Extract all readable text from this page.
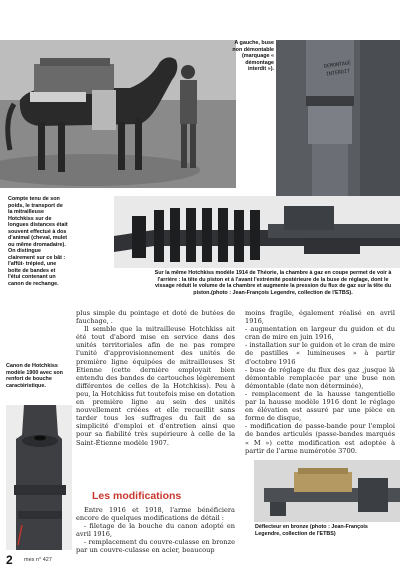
DEMONTAGE
INTERDIT
A gauche, buse non démontable (marquage « démontage interdit »).
Compte tenu de son poids, le transport de la mitrailleuse Hotchkiss sur de longues distances était souvent effectué à dos d'animal (cheval, mulet ou même dromadaire). On distingue clairement sur ce bât : l'affût- trépied, une boîte de bandes et l'étui contenant un canon de rechange.
Sur la même Hotchkiss modèle 1914 de Théorie, la chambre à gaz en coupe permet de voir à l'arrière : la tête du piston et à l'avant l'extrémité postérieure de la buse de réglage, dont le vissage réduit le volume de la chambre et augmente la pression du flux de gaz sur la tête du piston.(photo : Jean-François Legendre, collection de l'ETBS).

plus simple du pointage et doté de butées de fauchage, .

Il semble que la mitrailleuse Hotchkiss ait été tout d'abord mise en service dans des unités territoriales afin de ne pas rompre l'unité d'approvisionnement des unités de première ligne équipées de mitrailleuses St Etienne (cette dernière employait bien entendu des bandes de cartouches légèrement différentes de celles de la Hotchkiss). Peu à peu, la Hotchkiss fut toutefois mise en dotation en première ligne au sein des unités nouvellement créées et elle recueillit sans tarder tous les suffrages du fait de sa simplicité d'emploi et d'entretien ainsi que pour sa fiabilité très supérieure à celle de la Saint-Étienne modèle 1907.

Les modifications

Entre 1916 et 1918, l'arme bénéficiera encore de quelques modifications de détail :

- filetage de la bouche du canon adopté en avril 1916,

- remplacement du couvre-culasse en bronze par un couvre-culasse en acier, beaucoup

moins fragile, également réalisé en avril 1916,

- augmentation en largeur du guidon et du cran de mire en juin 1916,

- installation sur le guidon et le cran de mire de pastilles « lumineuses » à partir d'octobre 1916

- buse de réglage du flux des gaz ,jusque là démontable remplacée par une buse non démontable (date non déterminée),

- remplacement de la hausse tangentielle par la hausse modèle 1916 dont le réglage en élévation est assuré par une pièce en forme de disque,

- modification de passe-bande pour l'emploi de bandes articulés (passe-bandes marqués « M ») cette modification est adoptée à partir de l'arme numérotée 3700.

Canon de Hotchkiss modèle 1900 avec son renfort de bouche caractéristique.
Déflecteur en bronze (photo : Jean-François Legendre, collection de l'ETBS)
2 mes n° 427
